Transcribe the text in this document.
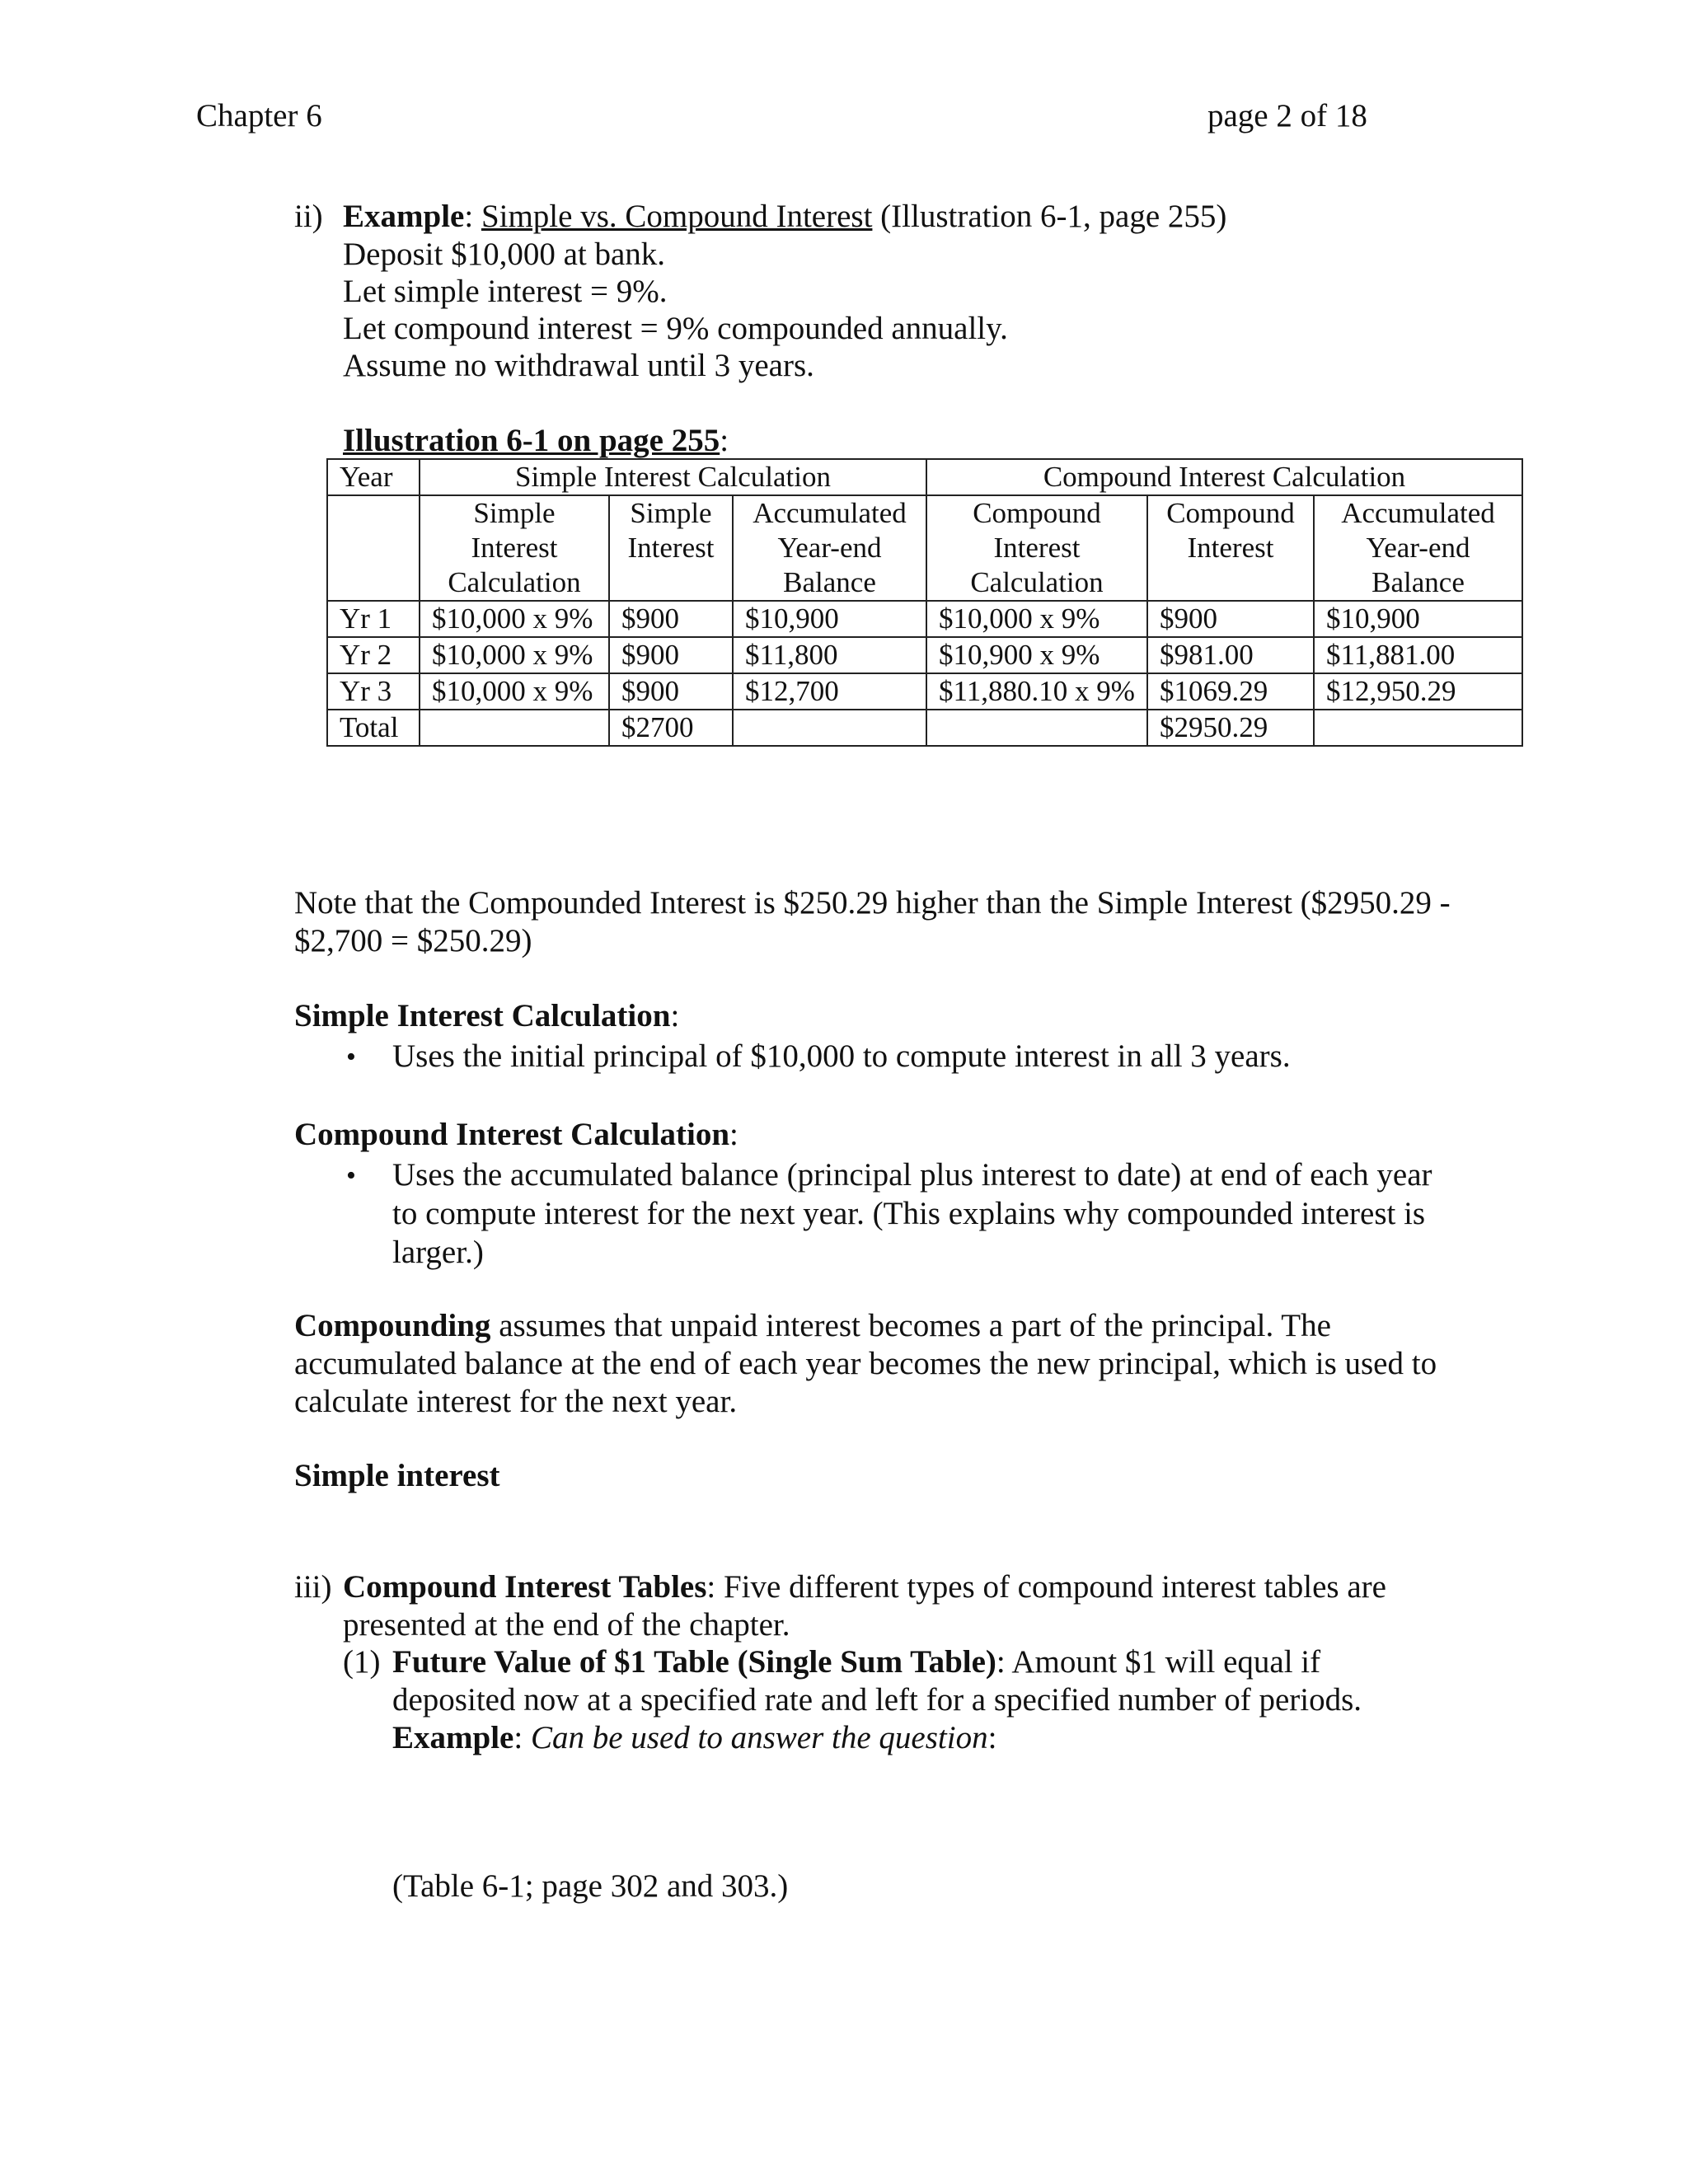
Chapter 6	page 2 of 18
ii) Example: Simple vs. Compound Interest (Illustration 6-1, page 255)
Deposit $10,000 at bank.
Let simple interest = 9%.
Let compound interest = 9% compounded annually.
Assume no withdrawal until 3 years.
Illustration 6-1 on page 255:
Year	Simple Interest Calculation			Compound Interest Calculation		
	Simple Interest Calculation	Simple Interest	Accumulated Year-end Balance	Compound Interest Calculation	Compound Interest	Accumulated Year-end Balance
Yr 1	$10,000 x 9%	$900	$10,900	$10,000 x 9%	$900	$10,900
Yr 2	$10,000 x 9%	$900	$11,800	$10,900 x 9%	$981.00	$11,881.00
Yr 3	$10,000 x 9%	$900	$12,700	$11,880.10 x 9%	$1069.29	$12,950.29
Total		$2700			$2950.29	
Note that the Compounded Interest is $250.29 higher than the Simple Interest ($2950.29 -
$2,700 = $250.29)
Simple Interest Calculation:
• Uses the initial principal of $10,000 to compute interest in all 3 years.
Compound Interest Calculation:
• Uses the accumulated balance (principal plus interest to date) at end of each year
to compute interest for the next year. (This explains why compounded interest is
larger.)
Compounding assumes that unpaid interest becomes a part of the principal. The
accumulated balance at the end of each year becomes the new principal, which is used to
calculate interest for the next year.
Simple interest
iii) Compound Interest Tables: Five different types of compound interest tables are
presented at the end of the chapter.
(1) Future Value of $1 Table (Single Sum Table): Amount $1 will equal if
deposited now at a specified rate and left for a specified number of periods.
Example: Can be used to answer the question:
(Table 6-1; page 302 and 303.)
